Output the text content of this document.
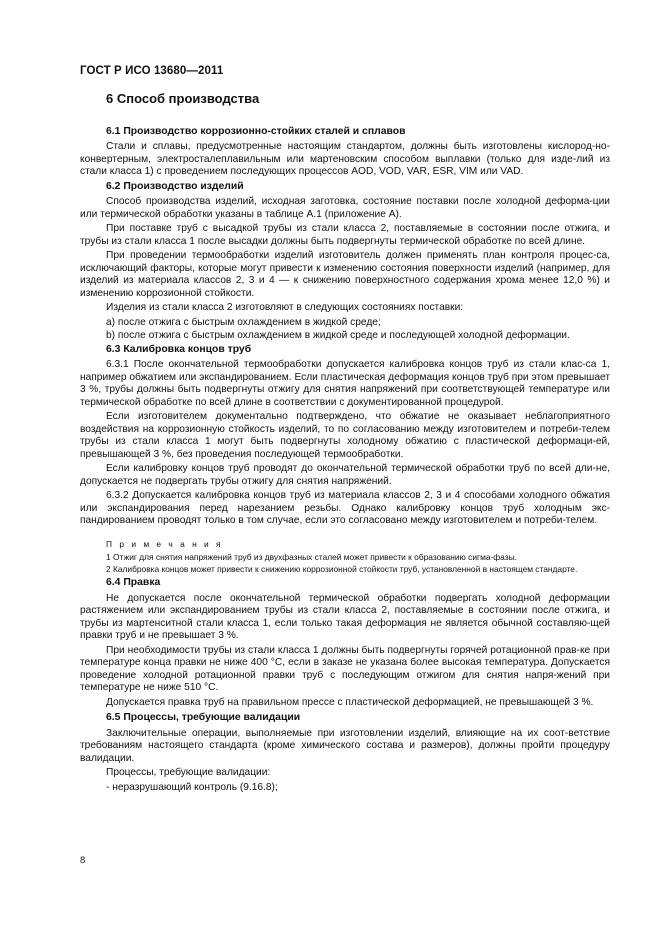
ГОСТ Р ИСО 13680—2011
6 Способ производства
6.1 Производство коррозионно-стойких сталей и сплавов

Стали и сплавы, предусмотренные настоящим стандартом, должны быть изготовлены кислород-но-конвертерным, электросталеплавильным или мартеновским способом выплавки (только для изде-лий из стали класса 1) с проведением последующих процессов AOD, VOD, VAR, ESR, VIM или VAD.

6.2 Производство изделий

Способ производства изделий, исходная заготовка, состояние поставки после холодной деформа-ции или термической обработки указаны в таблице А.1 (приложение А).

При поставке труб с высадкой трубы из стали класса 2, поставляемые в состоянии после отжига, и трубы из стали класса 1 после высадки должны быть подвергнуты термической обработке по всей длине.

При проведении термообработки изделий изготовитель должен применять план контроля процес-са, исключающий факторы, которые могут привести к изменению состояния поверхности изделий (например, для изделий из материала классов 2, 3 и 4 — к снижению поверхностного содержания хрома менее 12,0 %) и изменению коррозионной стойкости.

Изделия из стали класса 2 изготовляют в следующих состояниях поставки:

а) после отжига с быстрым охлаждением в жидкой среде;
b) после отжига с быстрым охлаждением в жидкой среде и последующей холодной деформации.
6.3 Калибровка концов труб

6.3.1 После окончательной термообработки допускается калибровка концов труб из стали клас-са 1, например обжатием или экспандированием. Если пластическая деформация концов труб при этом превышает 3 %, трубы должны быть подвергнуты отжигу для снятия напряжений при соответствующей температуре или термической обработке по всей длине в соответствии с документированной процедурой.

Если изготовителем документально подтверждено, что обжатие не оказывает неблагоприятного воздействия на коррозионную стойкость изделий, то по согласованию между изготовителем и потреби-телем трубы из стали класса 1 могут быть подвергнуты холодному обжатию с пластической деформаци-ей, превышающей 3 %, без проведения последующей термообработки.

Если калибровку концов труб проводят до окончательной термической обработки труб по всей дли-не, допускается не подвергать трубы отжигу для снятия напряжений.

6.3.2 Допускается калибровка концов труб из материала классов 2, 3 и 4 способами холодного обжатия или экспандирования перед нарезанием резьбы. Однако калибровку концов труб холодным экс-пандированием проводят только в том случае, если это согласовано между изготовителем и потреби-телем.

П р и м е ч а н и я
1 Отжиг для снятия напряжений труб из двухфазных сталей может привести к образованию сигма-фазы.
2 Калибровка концов может привести к снижению коррозионной стойкости труб, установленной в настоящем стандарте.
6.4 Правка

Не допускается после окончательной термической обработки подвергать холодной деформации растяжением или экспандированием трубы из стали класса 2, поставляемые в состоянии после отжига, и трубы из мартенситной стали класса 1, если только такая деформация не является обычной составляю-щей правки труб и не превышает 3 %.

При необходимости трубы из стали класса 1 должны быть подвергнуты горячей ротационной прав-ке при температуре конца правки не ниже 400 °С, если в заказе не указана более высокая температура. Допускается проведение холодной ротационной правки труб с последующим отжигом для снятия напря-жений при температуре не ниже 510 °С.

Допускается правка труб на правильном прессе с пластической деформацией, не превышающей 3 %.

6.5 Процессы, требующие валидации

Заключительные операции, выполняемые при изготовлении изделий, влияющие на их соот-ветствие требованиям настоящего стандарта (кроме химического состава и размеров), должны пройти процедуру валидации.

Процессы, требующие валидации:

- неразрушающий контроль (9.16.8);
8
